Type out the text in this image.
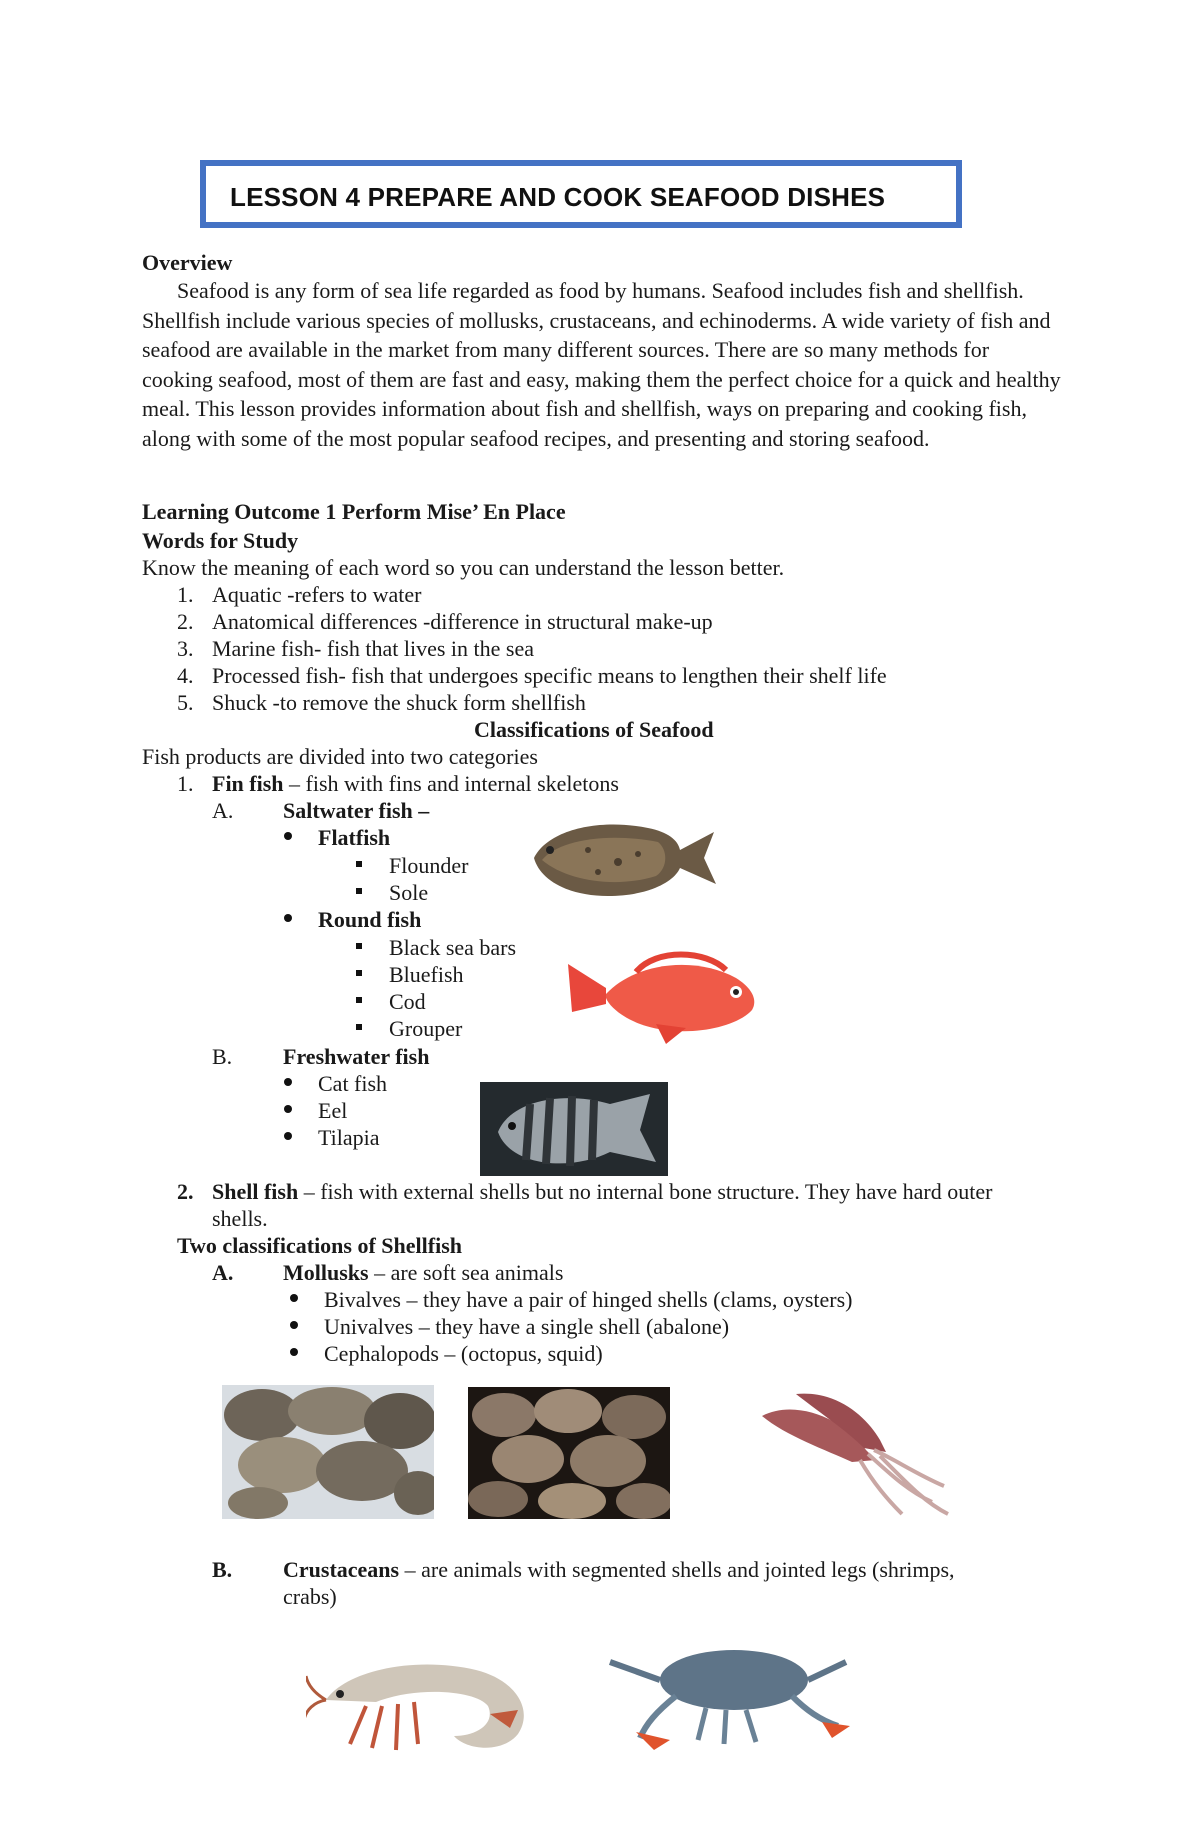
LESSON 4 PREPARE AND COOK SEAFOOD DISHES
Overview
Seafood is any form of sea life regarded as food by humans. Seafood includes fish and shellfish. Shellfish include various species of mollusks, crustaceans, and echinoderms. A wide variety of fish and seafood are available in the market from many different sources. There are so many methods for cooking seafood, most of them are fast and easy, making them the perfect choice for a quick and healthy meal. This lesson provides information about fish and shellfish, ways on preparing and cooking fish, along with some of the most popular seafood recipes, and presenting and storing seafood.
Learning Outcome 1 Perform Mise’ En Place
Words for Study
Know the meaning of each word so you can understand the lesson better.
1. Aquatic -refers to water
2. Anatomical differences -difference in structural make-up
3. Marine fish- fish that lives in the sea
4. Processed fish- fish that undergoes specific means to lengthen their shelf life
5. Shuck -to remove the shuck form shellfish
Classifications of Seafood
Fish products are divided into two categories
1. Fin fish – fish with fins and internal skeletons
A. Saltwater fish –
Flatfish
Flounder
Sole
Round fish
Black sea bars
Bluefish
Cod
Grouper
B. Freshwater fish
Cat fish
Eel
Tilapia
2. Shell fish – fish with external shells but no internal bone structure. They have hard outer
shells.
Two classifications of Shellfish
A. Mollusks – are soft sea animals
Bivalves – they have a pair of hinged shells (clams, oysters)
Univalves – they have a single shell (abalone)
Cephalopods – (octopus, squid)
B. Crustaceans – are animals with segmented shells and jointed legs (shrimps,
crabs)
